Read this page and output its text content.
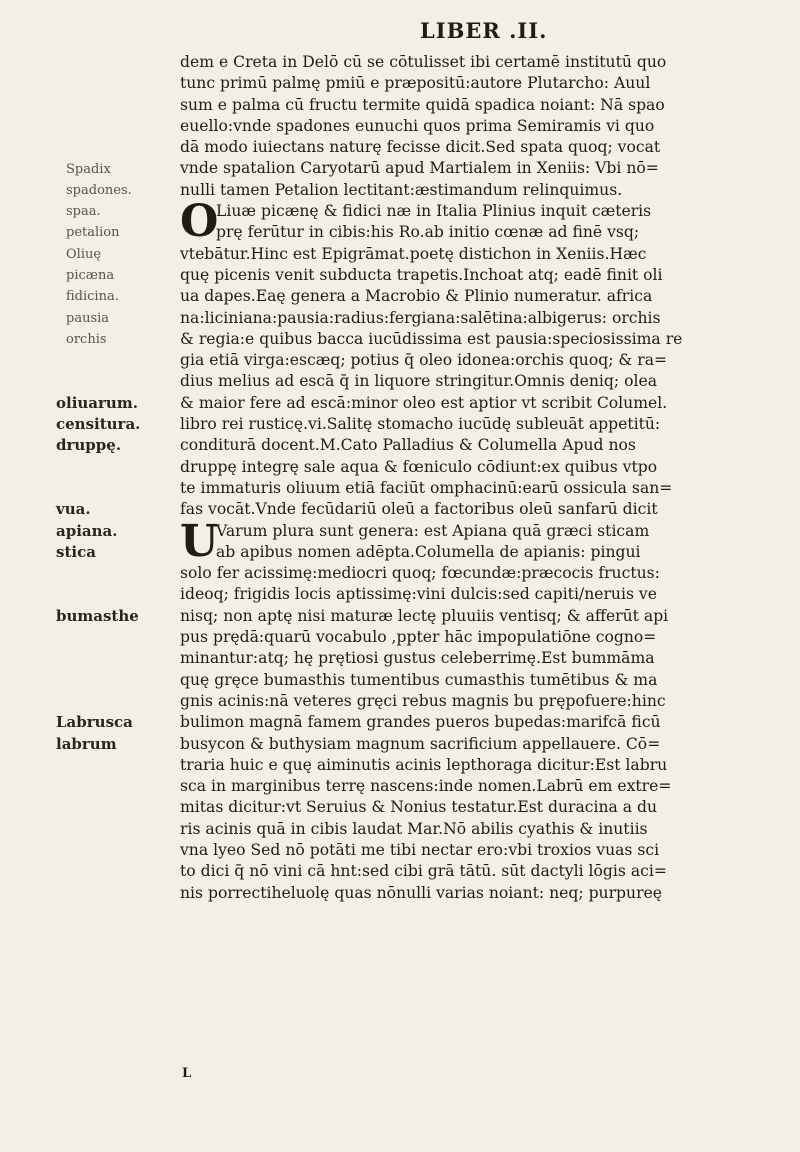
LIBER .II.
Spadix
spadones.
spaa.
petalion
Oliuę
picæna
fidicina.
pausia
orchis
oliuarum.
censitura.
druppę.
vua.
apiana.
stica
bumasthe
Labrusca
labrum
dem e Creta in Delō cū se cōtulisset ibi certamē institutū quo
tunc primū palmę pmiū e præpositū:autore Plutarcho: Auul
sum e palma cū fructu termite quidā spadica noiant: Nā spao
euello:vnde spadones eunuchi quos prima Semiramis vi quo
dā modo iuiectans naturę fecisse dicit.Sed spata quoq; vocat
vnde spatalion Caryotarū apud Martialem in Xeniis: Vbi nō=
nulli tamen Petalion lectitant:æstimandum relinquimus.
O
Liuæ picænę & fidici næ in Italia Plinius inquit cæteris
prę ferūtur in cibis:his Ro.ab initio cœnæ ad finē vsq;
vtebātur.Hinc est Epigrāmat.poetę distichon in Xeniis.Hæc
quę picenis venit subducta trapetis.Inchoat atq; eadē finit oli
ua dapes.Eaę genera a Macrobio & Plinio numeratur. africa
na:liciniana:pausia:radius:fergiana:salētina:albigerus: orchis
& regia:e quibus bacca iucūdissima est pausia:speciosissima re
gia etiā virga:escæq; potius q̄ oleo idonea:orchis quoq; & ra=
dius melius ad escā q̄ in liquore stringitur.Omnis deniq; olea
& maior fere ad escā:minor oleo est aptior vt scribit Columel.
libro rei rusticę.vi.Salitę stomacho iucūdę subleuāt appetitū:
conditurā docent.M.Cato Palladius & Columella Apud nos
druppę integrę sale aqua & fœniculo cōdiunt:ex quibus vtpo
te immaturis oliuum etiā faciūt omphacinū:earū ossicula san=
fas vocāt.Vnde fecūdariū oleū a factoribus oleū sanfarū dicit
U
Varum plura sunt genera: est Apiana quā græci sticam
ab apibus nomen adēpta.Columella de apianis: pingui
solo fer acissimę:mediocri quoq; fœcundæ:præcocis fructus:
ideoq; frigidis locis aptissimę:vini dulcis:sed capiti/neruis ve
nisq; non aptę nisi maturæ lectę pluuiis ventisq; & afferūt api
pus prędā:quarū vocabulo ,ppter hāc impopulatiōne cogno=
minantur:atq; hę prętiosi gustus celeberrimę.Est bummāma
quę gręce bumasthis tumentibus cumasthis tumētibus & ma
gnis acinis:nā veteres gręci rebus magnis bu prępofuere:hinc
bulimon magnā famem grandes pueros bupedas:marifcā ficū
busycon & buthysiam magnum sacrificium appellauere. Cō=
traria huic e quę aiminutis acinis lepthoraga dicitur:Est labru
sca in marginibus terrę nascens:inde nomen.Labrū em extre=
mitas dicitur:vt Seruius & Nonius testatur.Est duracina a du
ris acinis quā in cibis laudat Mar.Nō abilis cyathis & inutiis
vna lyeo Sed nō potāti me tibi nectar ero:vbi troxios vuas sci
to dici q̄ nō vini cā hnt:sed cibi grā tātū. sūt dactyli lōgis aci=
nis porrectiheluolę quas nōnulli varias noiant: neq; purpureę
L
